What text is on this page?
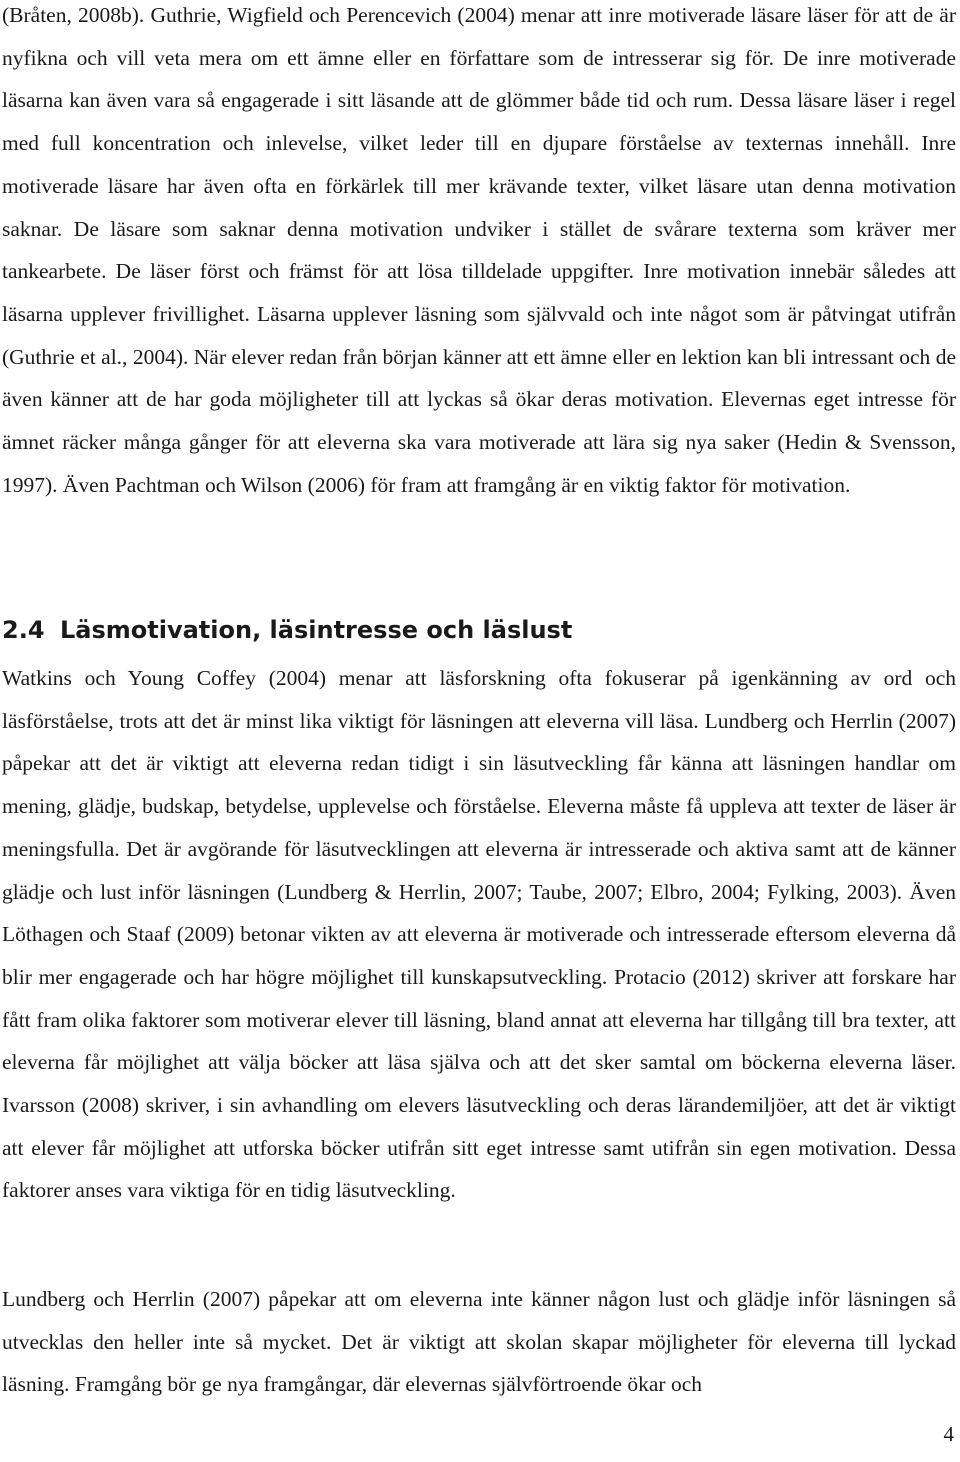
(Bråten, 2008b). Guthrie, Wigfield och Perencevich (2004) menar att inre motiverade läsare läser för att de är nyfikna och vill veta mera om ett ämne eller en författare som de intresserar sig för. De inre motiverade läsarna kan även vara så engagerade i sitt läsande att de glömmer både tid och rum. Dessa läsare läser i regel med full koncentration och inlevelse, vilket leder till en djupare förståelse av texternas innehåll. Inre motiverade läsare har även ofta en förkärlek till mer krävande texter, vilket läsare utan denna motivation saknar. De läsare som saknar denna motivation undviker i stället de svårare texterna som kräver mer tankearbete. De läser först och främst för att lösa tilldelade uppgifter. Inre motivation innebär således att läsarna upplever frivillighet. Läsarna upplever läsning som självvald och inte något som är påtvingat utifrån (Guthrie et al., 2004). När elever redan från början känner att ett ämne eller en lektion kan bli intressant och de även känner att de har goda möjligheter till att lyckas så ökar deras motivation. Elevernas eget intresse för ämnet räcker många gånger för att eleverna ska vara motiverade att lära sig nya saker (Hedin & Svensson, 1997). Även Pachtman och Wilson (2006) för fram att framgång är en viktig faktor för motivation.

2.4 Läsmotivation, läsintresse och läslust

Watkins och Young Coffey (2004) menar att läsforskning ofta fokuserar på igenkänning av ord och läsförståelse, trots att det är minst lika viktigt för läsningen att eleverna vill läsa. Lundberg och Herrlin (2007) påpekar att det är viktigt att eleverna redan tidigt i sin läsutveckling får känna att läsningen handlar om mening, glädje, budskap, betydelse, upplevelse och förståelse. Eleverna måste få uppleva att texter de läser är meningsfulla. Det är avgörande för läsutvecklingen att eleverna är intresserade och aktiva samt att de känner glädje och lust inför läsningen (Lundberg & Herrlin, 2007; Taube, 2007; Elbro, 2004; Fylking, 2003). Även Löthagen och Staaf (2009) betonar vikten av att eleverna är motiverade och intresserade eftersom eleverna då blir mer engagerade och har högre möjlighet till kunskapsutveckling. Protacio (2012) skriver att forskare har fått fram olika faktorer som motiverar elever till läsning, bland annat att eleverna har tillgång till bra texter, att eleverna får möjlighet att välja böcker att läsa själva och att det sker samtal om böckerna eleverna läser. Ivarsson (2008) skriver, i sin avhandling om elevers läsutveckling och deras lärandemiljöer, att det är viktigt att elever får möjlighet att utforska böcker utifrån sitt eget intresse samt utifrån sin egen motivation. Dessa faktorer anses vara viktiga för en tidig läsutveckling.

Lundberg och Herrlin (2007) påpekar att om eleverna inte känner någon lust och glädje inför läsningen så utvecklas den heller inte så mycket. Det är viktigt att skolan skapar möjligheter för eleverna till lyckad läsning. Framgång bör ge nya framgångar, där elevernas självförtroende ökar och

4
